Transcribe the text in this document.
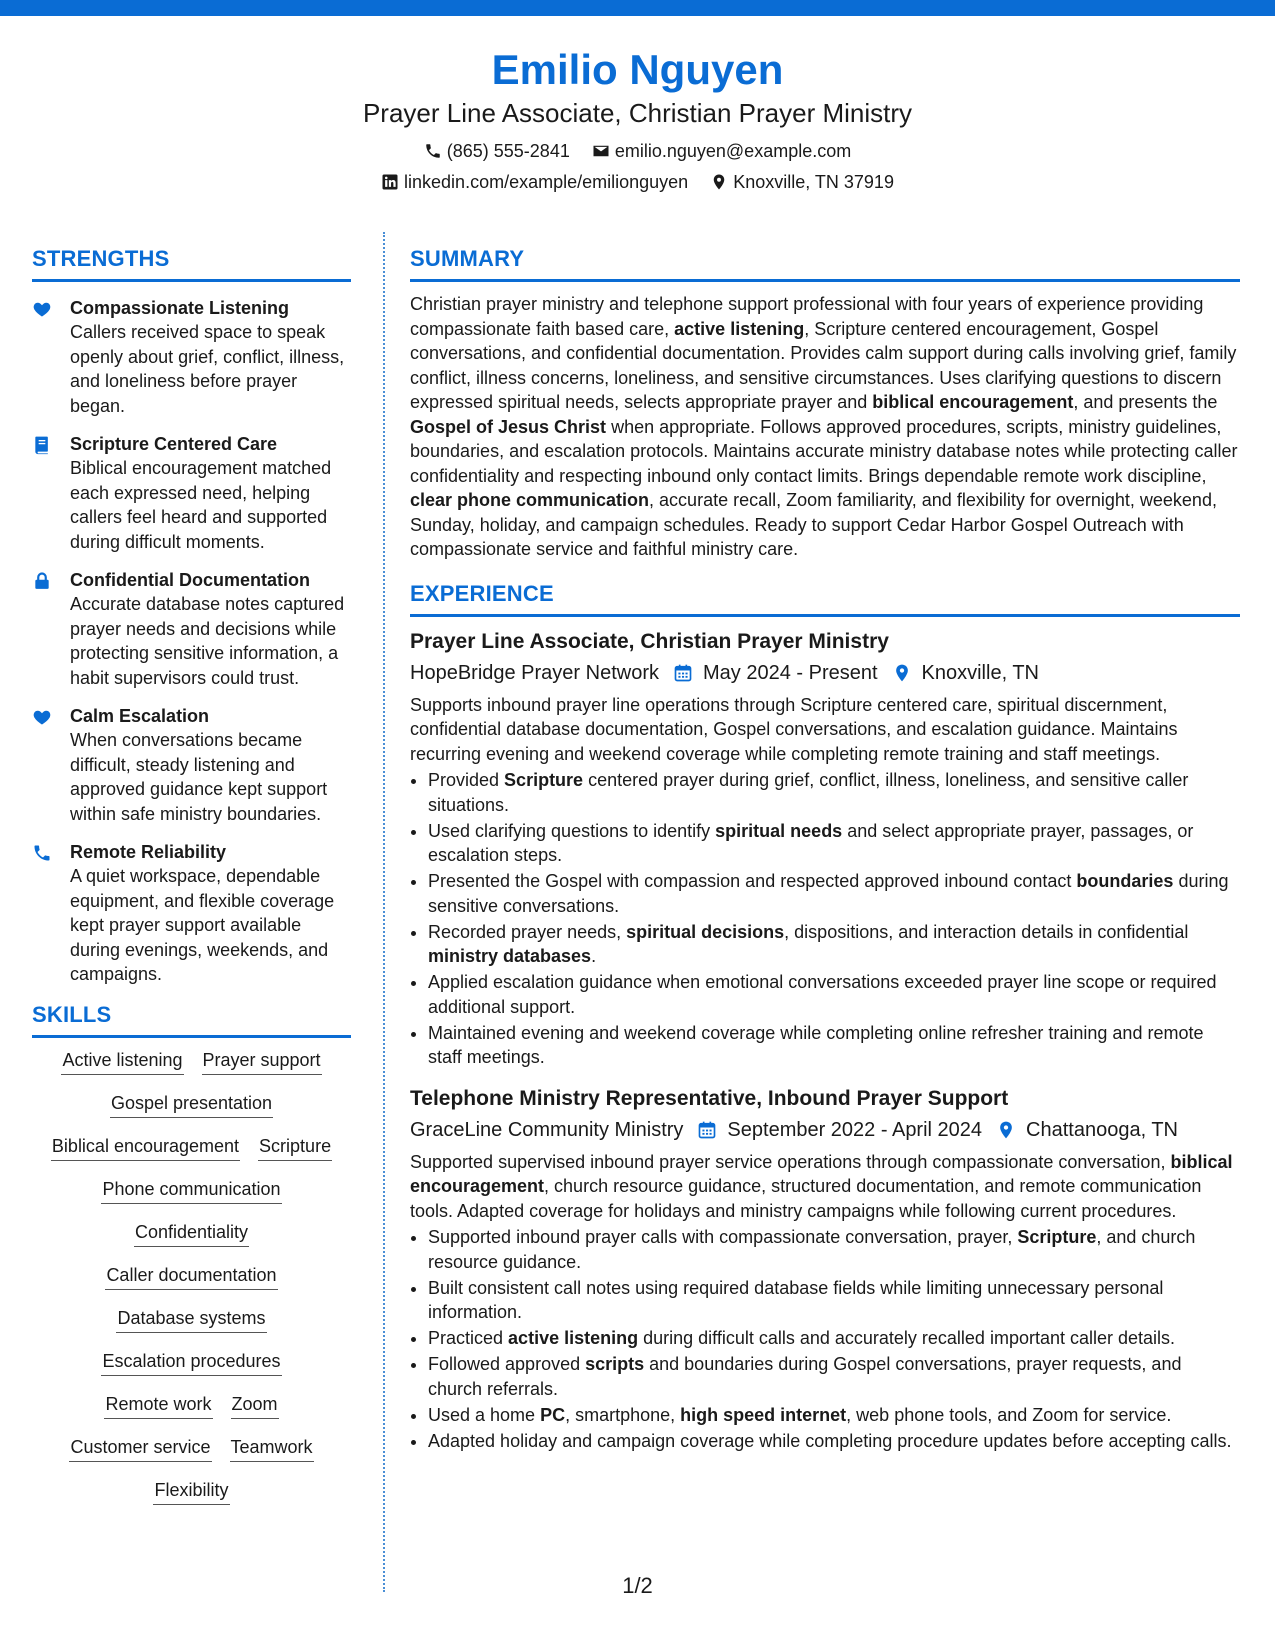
Emilio Nguyen
Prayer Line Associate, Christian Prayer Ministry
(865) 555-2841	emilio.nguyen@example.com
linkedin.com/example/emilionguyen	Knoxville, TN 37919
STRENGTHS
Compassionate Listening
Callers received space to speak openly about grief, conflict, illness, and loneliness before prayer began.
Scripture Centered Care
Biblical encouragement matched each expressed need, helping callers feel heard and supported during difficult moments.
Confidential Documentation
Accurate database notes captured prayer needs and decisions while protecting sensitive information, a habit supervisors could trust.
Calm Escalation
When conversations became difficult, steady listening and approved guidance kept support within safe ministry boundaries.
Remote Reliability
A quiet workspace, dependable equipment, and flexible coverage kept prayer support available during evenings, weekends, and campaigns.
SKILLS
Active listening Prayer support
Gospel presentation
Biblical encouragement Scripture
Phone communication
Confidentiality
Caller documentation
Database systems
Escalation procedures
Remote work Zoom
Customer service Teamwork
Flexibility
SUMMARY
Christian prayer ministry and telephone support professional with four years of experience providing compassionate faith based care, active listening, Scripture centered encouragement, Gospel conversations, and confidential documentation. Provides calm support during calls involving grief, family conflict, illness concerns, loneliness, and sensitive circumstances. Uses clarifying questions to discern expressed spiritual needs, selects appropriate prayer and biblical encouragement, and presents the Gospel of Jesus Christ when appropriate. Follows approved procedures, scripts, ministry guidelines, boundaries, and escalation protocols. Maintains accurate ministry database notes while protecting caller confidentiality and respecting inbound only contact limits. Brings dependable remote work discipline, clear phone communication, accurate recall, Zoom familiarity, and flexibility for overnight, weekend, Sunday, holiday, and campaign schedules. Ready to support Cedar Harbor Gospel Outreach with compassionate service and faithful ministry care.
EXPERIENCE
Prayer Line Associate, Christian Prayer Ministry
HopeBridge Prayer Network May 2024 - Present Knoxville, TN
Supports inbound prayer line operations through Scripture centered care, spiritual discernment, confidential database documentation, Gospel conversations, and escalation guidance. Maintains recurring evening and weekend coverage while completing remote training and staff meetings.
• Provided Scripture centered prayer during grief, conflict, illness, loneliness, and sensitive caller situations.
• Used clarifying questions to identify spiritual needs and select appropriate prayer, passages, or escalation steps.
• Presented the Gospel with compassion and respected approved inbound contact boundaries during sensitive conversations.
• Recorded prayer needs, spiritual decisions, dispositions, and interaction details in confidential ministry databases.
• Applied escalation guidance when emotional conversations exceeded prayer line scope or required additional support.
• Maintained evening and weekend coverage while completing online refresher training and remote staff meetings.
Telephone Ministry Representative, Inbound Prayer Support
GraceLine Community Ministry September 2022 - April 2024 Chattanooga, TN
Supported supervised inbound prayer service operations through compassionate conversation, biblical encouragement, church resource guidance, structured documentation, and remote communication tools. Adapted coverage for holidays and ministry campaigns while following current procedures.
• Supported inbound prayer calls with compassionate conversation, prayer, Scripture, and church resource guidance.
• Built consistent call notes using required database fields while limiting unnecessary personal information.
• Practiced active listening during difficult calls and accurately recalled important caller details.
• Followed approved scripts and boundaries during Gospel conversations, prayer requests, and church referrals.
• Used a home PC, smartphone, high speed internet, web phone tools, and Zoom for service.
• Adapted holiday and campaign coverage while completing procedure updates before accepting calls.
1/2
